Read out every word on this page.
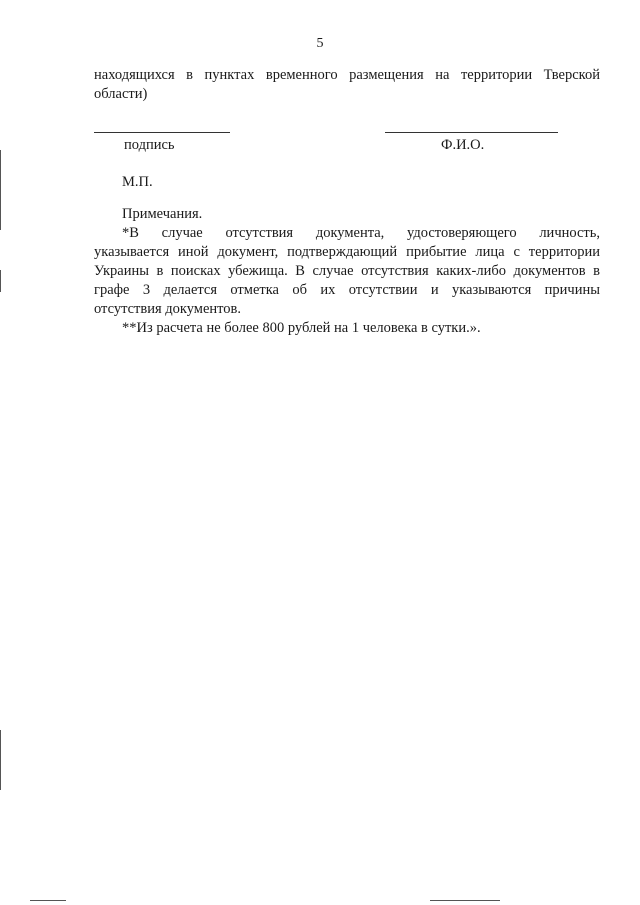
5
находящихся в пунктах временного размещения на территории Тверской
области)
подпись	Ф.И.О.
М.П.
Примечания.
*В случае отсутствия документа, удостоверяющего личность,
указывается иной документ, подтверждающий прибытие лица с территории
Украины в поисках убежища. В случае отсутствия каких-либо документов в
графе 3 делается отметка об их отсутствии и указываются причины
отсутствия документов.
**Из расчета не более 800 рублей на 1 человека в сутки.».
